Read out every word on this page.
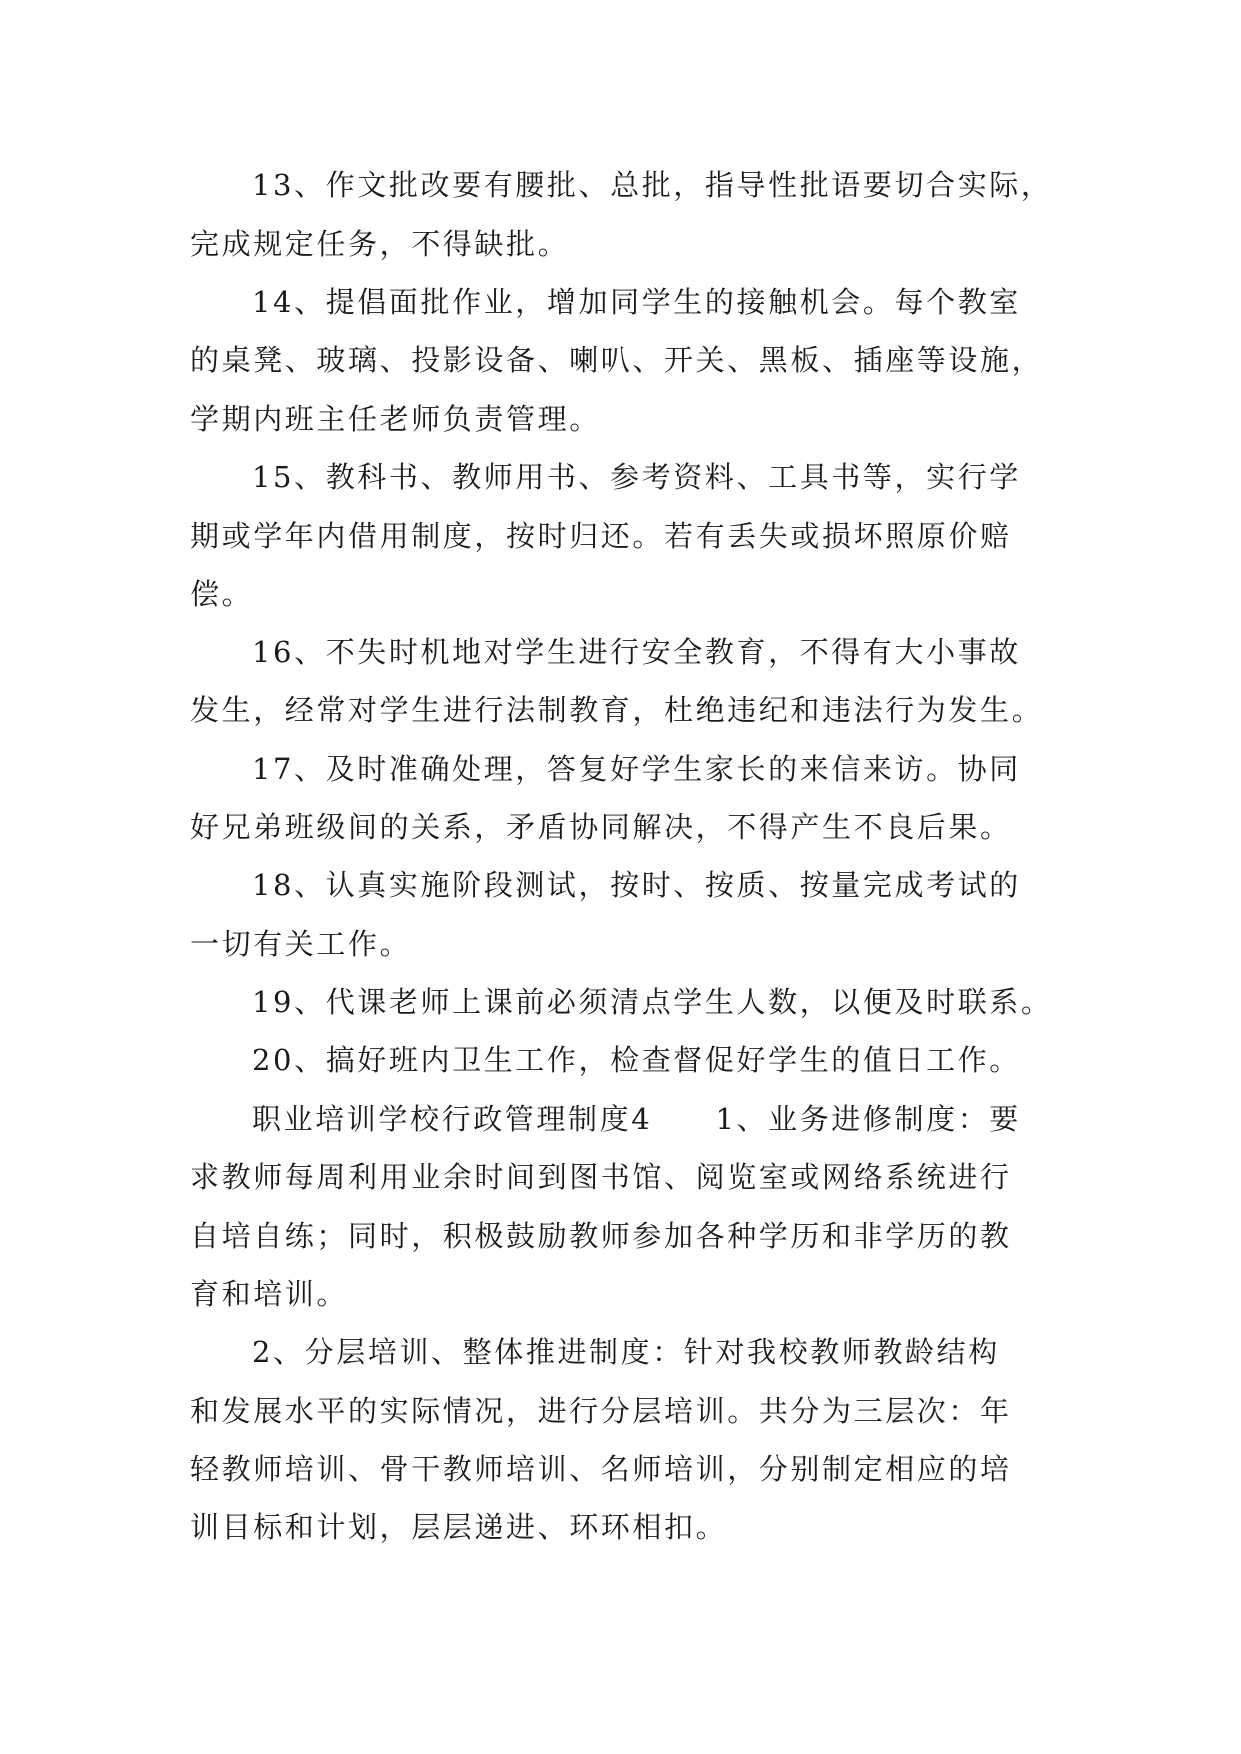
13、作文批改要有腰批、总批，指导性批语要切合实际，
完成规定任务，不得缺批。
14、提倡面批作业，增加同学生的接触机会。每个教室
的桌凳、玻璃、投影设备、喇叭、开关、黑板、插座等设施，
学期内班主任老师负责管理。
15、教科书、教师用书、参考资料、工具书等，实行学
期或学年内借用制度，按时归还。若有丢失或损坏照原价赔
偿。
16、不失时机地对学生进行安全教育，不得有大小事故
发生，经常对学生进行法制教育，杜绝违纪和违法行为发生。
17、及时准确处理，答复好学生家长的来信来访。协同
好兄弟班级间的关系，矛盾协同解决，不得产生不良后果。
18、认真实施阶段测试，按时、按质、按量完成考试的
一切有关工作。
19、代课老师上课前必须清点学生人数，以便及时联系。
20、搞好班内卫生工作，检查督促好学生的值日工作。
职业培训学校行政管理制度4　　1、业务进修制度：要
求教师每周利用业余时间到图书馆、阅览室或网络系统进行
自培自练；同时，积极鼓励教师参加各种学历和非学历的教
育和培训。
2、分层培训、整体推进制度：针对我校教师教龄结构
和发展水平的实际情况，进行分层培训。共分为三层次：年
轻教师培训、骨干教师培训、名师培训，分别制定相应的培
训目标和计划，层层递进、环环相扣。
